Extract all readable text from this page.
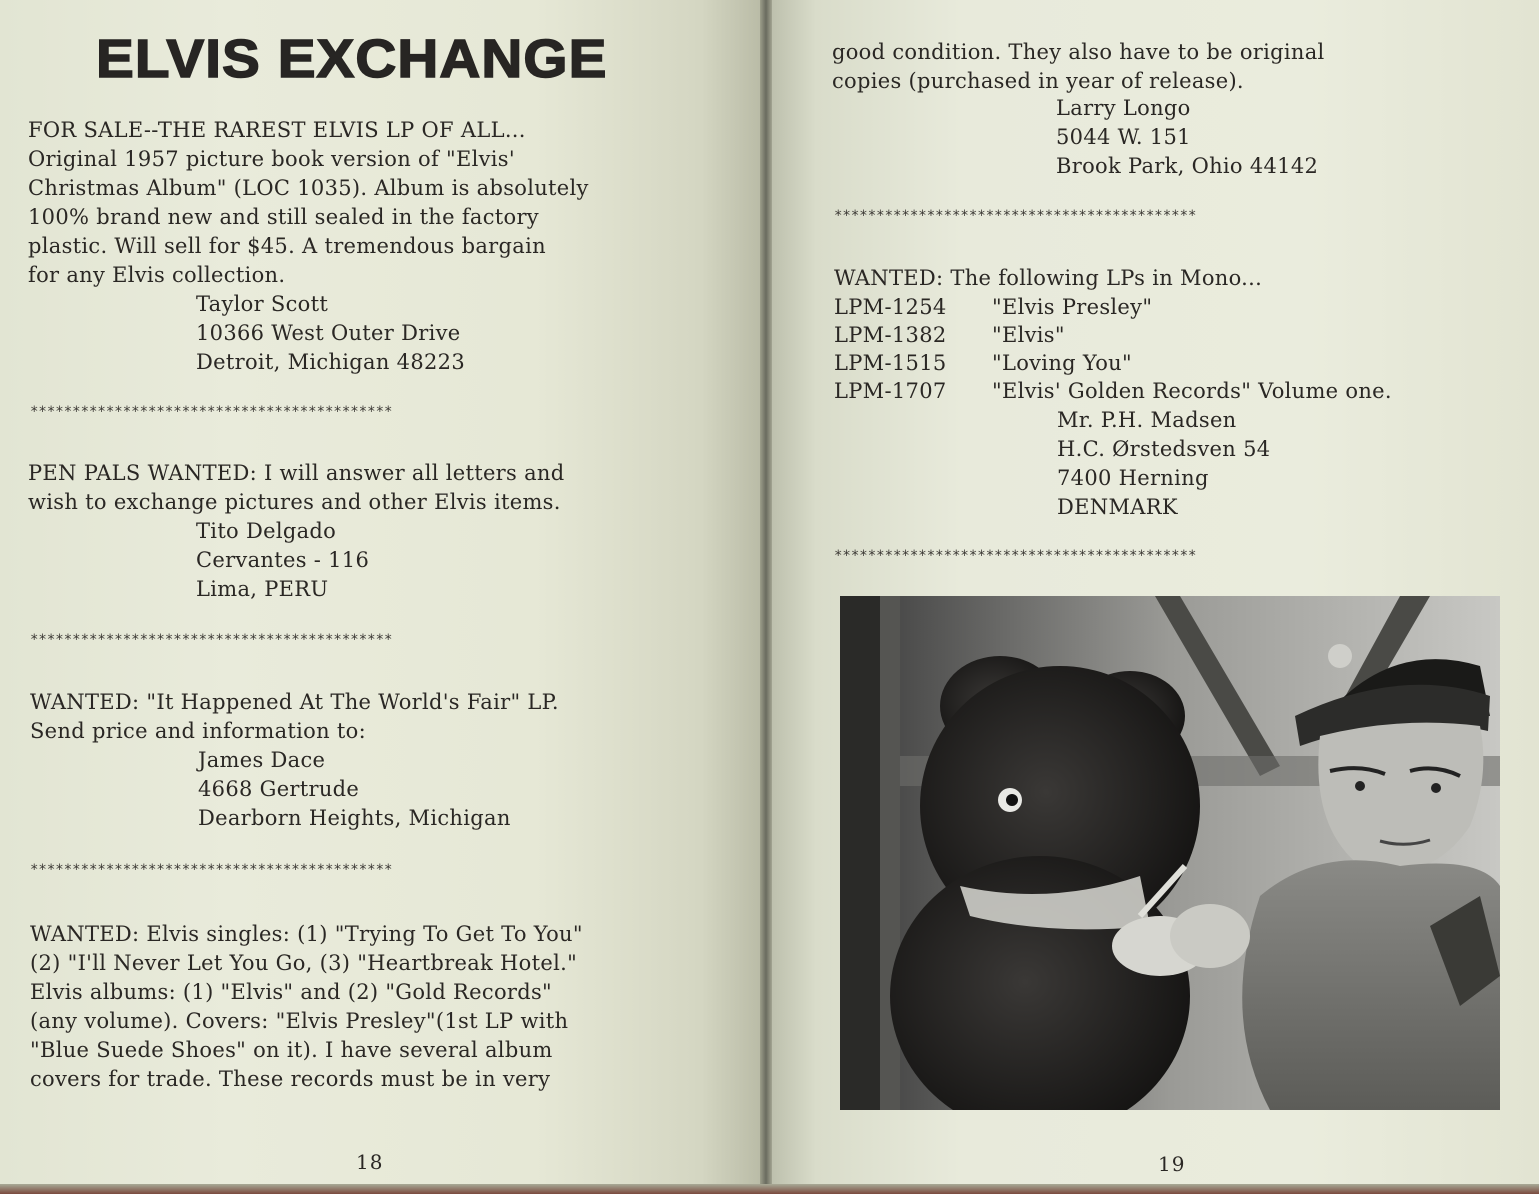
ELVIS EXCHANGE
FOR SALE--THE RAREST ELVIS LP OF ALL...
Original 1957 picture book version of "Elvis'
Christmas Album" (LOC 1035). Album is absolutely
100% brand new and still sealed in the factory
plastic. Will sell for $45. A tremendous bargain
for any Elvis collection.
Taylor Scott
10366 West Outer Drive
Detroit, Michigan 48223
*******************************************
PEN PALS WANTED: I will answer all letters and
wish to exchange pictures and other Elvis items.
Tito Delgado
Cervantes - 116
Lima, PERU
*******************************************
WANTED: "It Happened At The World's Fair" LP.
Send price and information to:
James Dace
4668 Gertrude
Dearborn Heights, Michigan
*******************************************
WANTED: Elvis singles: (1) "Trying To Get To You"
(2) "I'll Never Let You Go, (3) "Heartbreak Hotel."
Elvis albums: (1) "Elvis" and (2) "Gold Records"
(any volume). Covers: "Elvis Presley"(1st LP with
"Blue Suede Shoes" on it). I have several album
covers for trade. These records must be in very
18
good condition. They also have to be original
copies (purchased in year of release).
Larry Longo
5044 W. 151
Brook Park, Ohio 44142
*******************************************
WANTED: The following LPs in Mono...
LPM-1254 "Elvis Presley"
LPM-1382 "Elvis"
LPM-1515 "Loving You"
LPM-1707 "Elvis' Golden Records" Volume one.
Mr. P.H. Madsen
H.C. Ørstedsven 54
7400 Herning
DENMARK
*******************************************
19
